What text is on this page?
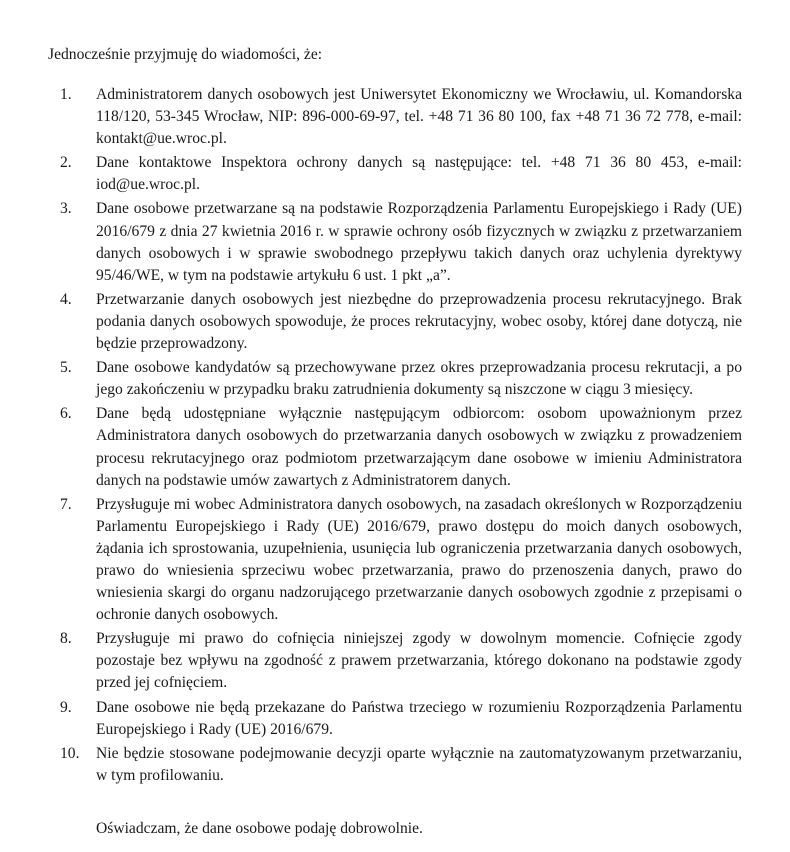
Jednocześnie przyjmuję do wiadomości, że:

1.	Administratorem danych osobowych jest Uniwersytet Ekonomiczny we Wrocławiu, ul. Komandorska 118/120, 53-345 Wrocław, NIP: 896-000-69-97, tel. +48 71 36 80 100, fax +48 71 36 72 778, e-mail: kontakt@ue.wroc.pl.
2.	Dane kontaktowe Inspektora ochrony danych są następujące: tel. +48 71 36 80 453, e-mail: iod@ue.wroc.pl.
3.	Dane osobowe przetwarzane są na podstawie Rozporządzenia Parlamentu Europejskiego i Rady (UE) 2016/679 z dnia 27 kwietnia 2016 r. w sprawie ochrony osób fizycznych w związku z przetwarzaniem danych osobowych i w sprawie swobodnego przepływu takich danych oraz uchylenia dyrektywy 95/46/WE, w tym na podstawie artykułu 6 ust. 1 pkt „a”.
4.	Przetwarzanie danych osobowych jest niezbędne do przeprowadzenia procesu rekrutacyjnego. Brak podania danych osobowych spowoduje, że proces rekrutacyjny, wobec osoby, której dane dotyczą, nie będzie przeprowadzony.
5.	Dane osobowe kandydatów są przechowywane przez okres przeprowadzania procesu rekrutacji, a po jego zakończeniu w przypadku braku zatrudnienia dokumenty są niszczone w ciągu 3 miesięcy.
6.	Dane będą udostępniane wyłącznie następującym odbiorcom: osobom upoważnionym przez Administratora danych osobowych do przetwarzania danych osobowych w związku z prowadzeniem procesu rekrutacyjnego oraz podmiotom przetwarzającym dane osobowe w imieniu Administratora danych na podstawie umów zawartych z Administratorem danych.
7.	Przysługuje mi wobec Administratora danych osobowych, na zasadach określonych w Rozporządzeniu Parlamentu Europejskiego i Rady (UE) 2016/679, prawo dostępu do moich danych osobowych, żądania ich sprostowania, uzupełnienia, usunięcia lub ograniczenia przetwarzania danych osobowych, prawo do wniesienia sprzeciwu wobec przetwarzania, prawo do przenoszenia danych, prawo do wniesienia skargi do organu nadzorującego przetwarzanie danych osobowych zgodnie z przepisami o ochronie danych osobowych.
8.	Przysługuje mi prawo do cofnięcia niniejszej zgody w dowolnym momencie. Cofnięcie zgody pozostaje bez wpływu na zgodność z prawem przetwarzania, którego dokonano na podstawie zgody przed jej cofnięciem.
9.	Dane osobowe nie będą przekazane do Państwa trzeciego w rozumieniu Rozporządzenia Parlamentu Europejskiego i Rady (UE) 2016/679.
10.	Nie będzie stosowane podejmowanie decyzji oparte wyłącznie na zautomatyzowanym przetwarzaniu, w tym profilowaniu.

Oświadczam, że dane osobowe podaję dobrowolnie.
